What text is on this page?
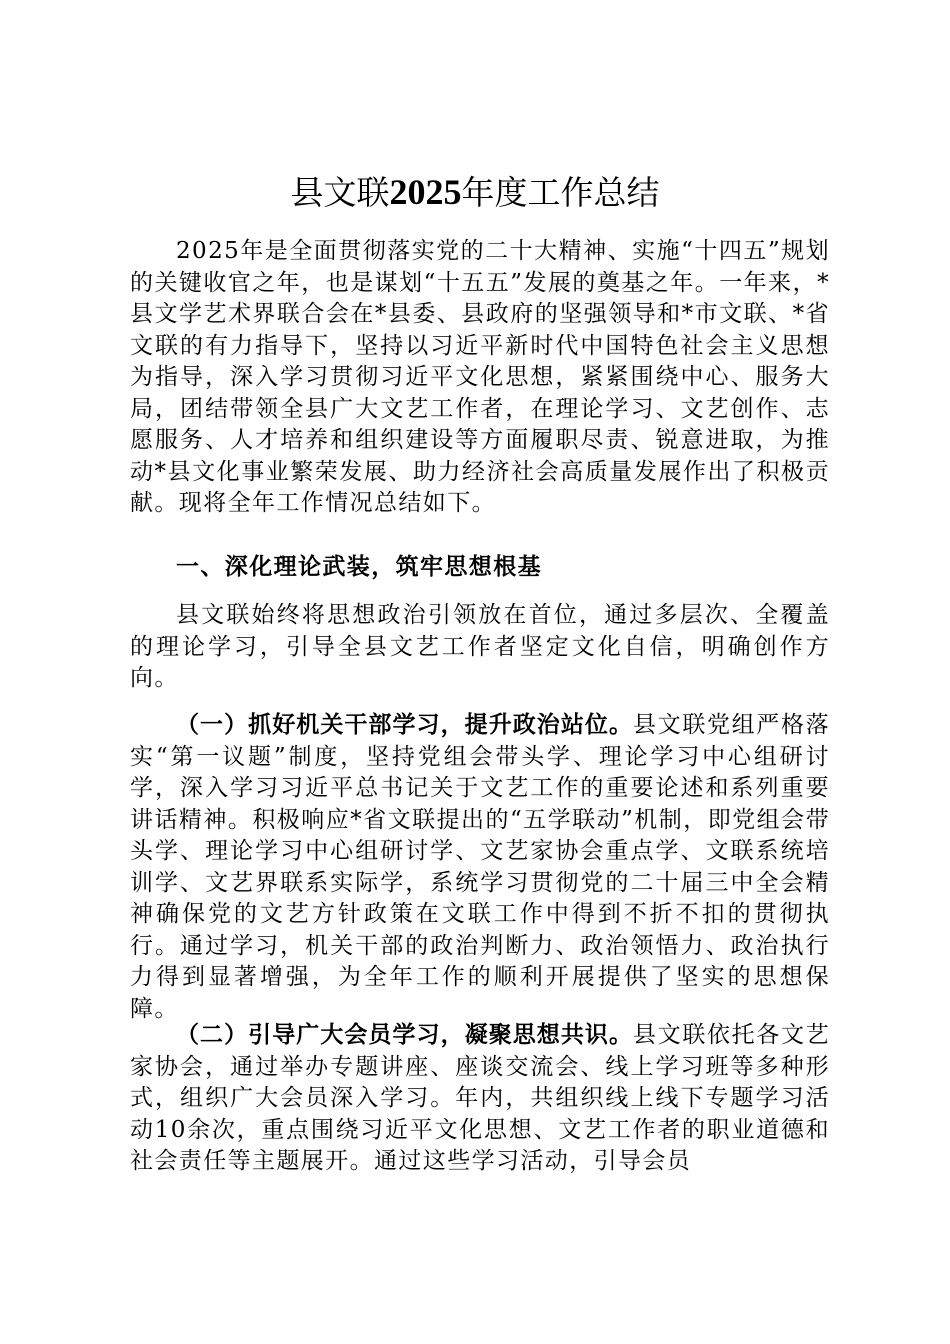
县文联2025年度工作总结

2025年是全面贯彻落实党的二十大精神、实施“十四五”规划的关键收官之年，也是谋划“十五五”发展的奠基之年。一年来，*县文学艺术界联合会在*县委、县政府的坚强领导和*市文联、*省文联的有力指导下，坚持以习近平新时代中国特色社会主义思想为指导，深入学习贯彻习近平文化思想，紧紧围绕中心、服务大局，团结带领全县广大文艺工作者，在理论学习、文艺创作、志愿服务、人才培养和组织建设等方面履职尽责、锐意进取，为推动*县文化事业繁荣发展、助力经济社会高质量发展作出了积极贡献。现将全年工作情况总结如下。

一、深化理论武装，筑牢思想根基

县文联始终将思想政治引领放在首位，通过多层次、全覆盖的理论学习，引导全县文艺工作者坚定文化自信，明确创作方向。

（一）抓好机关干部学习，提升政治站位。县文联党组严格落实“第一议题”制度，坚持党组会带头学、理论学习中心组研讨学，深入学习习近平总书记关于文艺工作的重要论述和系列重要讲话精神。积极响应*省文联提出的“五学联动”机制，即党组会带头学、理论学习中心组研讨学、文艺家协会重点学、文联系统培训学、文艺界联系实际学，系统学习贯彻党的二十届三中全会精神确保党的文艺方针政策在文联工作中得到不折不扣的贯彻执行。通过学习，机关干部的政治判断力、政治领悟力、政治执行力得到显著增强，为全年工作的顺利开展提供了坚实的思想保障。

（二）引导广大会员学习，凝聚思想共识。县文联依托各文艺家协会，通过举办专题讲座、座谈交流会、线上学习班等多种形式，组织广大会员深入学习。年内，共组织线上线下专题学习活动10余次，重点围绕习近平文化思想、文艺工作者的职业道德和社会责任等主题展开。通过这些学习活动，引导会员
